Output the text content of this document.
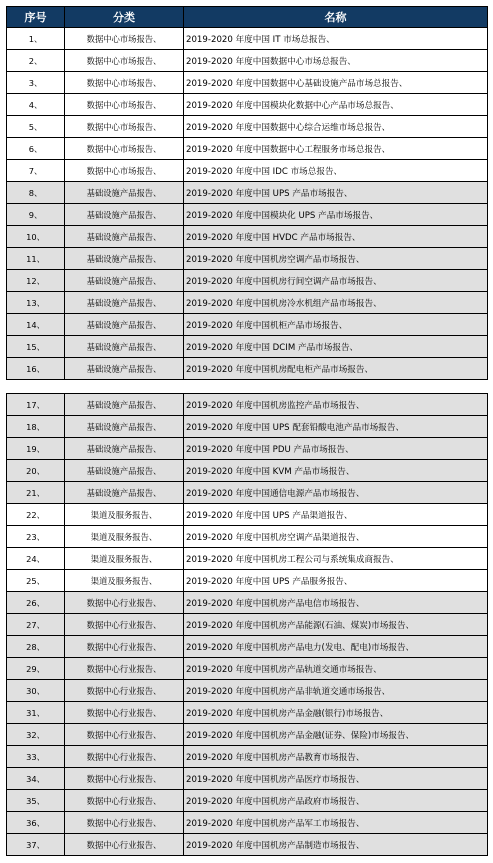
序号	分类	名称
1、	数据中心市场报告、	2019-2020 年度中国 IT 市场总报告、
2、	数据中心市场报告、	2019-2020 年度中国数据中心市场总报告、
3、	数据中心市场报告、	2019-2020 年度中国数据中心基础设施产品市场总报告、
4、	数据中心市场报告、	2019-2020 年度中国模块化数据中心产品市场总报告、
5、	数据中心市场报告、	2019-2020 年度中国数据中心综合运维市场总报告、
6、	数据中心市场报告、	2019-2020 年度中国数据中心工程服务市场总报告、
7、	数据中心市场报告、	2019-2020 年度中国 IDC 市场总报告、
8、	基础设施产品报告、	2019-2020 年度中国 UPS 产品市场报告、
9、	基础设施产品报告、	2019-2020 年度中国模块化 UPS 产品市场报告、
10、	基础设施产品报告、	2019-2020 年度中国 HVDC 产品市场报告、
11、	基础设施产品报告、	2019-2020 年度中国机房空调产品市场报告、
12、	基础设施产品报告、	2019-2020 年度中国机房行间空调产品市场报告、
13、	基础设施产品报告、	2019-2020 年度中国机房冷水机组产品市场报告、
14、	基础设施产品报告、	2019-2020 年度中国机柜产品市场报告、
15、	基础设施产品报告、	2019-2020 年度中国 DCIM 产品市场报告、
16、	基础设施产品报告、	2019-2020 年度中国机房配电柜产品市场报告、
17、	基础设施产品报告、	2019-2020 年度中国机房监控产品市场报告、
18、	基础设施产品报告、	2019-2020 年度中国 UPS 配套铅酸电池产品市场报告、
19、	基础设施产品报告、	2019-2020 年度中国 PDU 产品市场报告、
20、	基础设施产品报告、	2019-2020 年度中国 KVM 产品市场报告、
21、	基础设施产品报告、	2019-2020 年度中国通信电源产品市场报告、
22、	渠道及服务报告、	2019-2020 年度中国 UPS 产品渠道报告、
23、	渠道及服务报告、	2019-2020 年度中国机房空调产品渠道报告、
24、	渠道及服务报告、	2019-2020 年度中国机房工程公司与系统集成商报告、
25、	渠道及服务报告、	2019-2020 年度中国 UPS 产品服务报告、
26、	数据中心行业报告、	2019-2020 年度中国机房产品电信市场报告、
27、	数据中心行业报告、	2019-2020 年度中国机房产品能源(石油、煤炭)市场报告、
28、	数据中心行业报告、	2019-2020 年度中国机房产品电力(发电、配电)市场报告、
29、	数据中心行业报告、	2019-2020 年度中国机房产品轨道交通市场报告、
30、	数据中心行业报告、	2019-2020 年度中国机房产品非轨道交通市场报告、
31、	数据中心行业报告、	2019-2020 年度中国机房产品金融(银行)市场报告、
32、	数据中心行业报告、	2019-2020 年度中国机房产品金融(证券、保险)市场报告、
33、	数据中心行业报告、	2019-2020 年度中国机房产品教育市场报告、
34、	数据中心行业报告、	2019-2020 年度中国机房产品医疗市场报告、
35、	数据中心行业报告、	2019-2020 年度中国机房产品政府市场报告、
36、	数据中心行业报告、	2019-2020 年度中国机房产品军工市场报告、
37、	数据中心行业报告、	2019-2020 年度中国机房产品制造市场报告、
